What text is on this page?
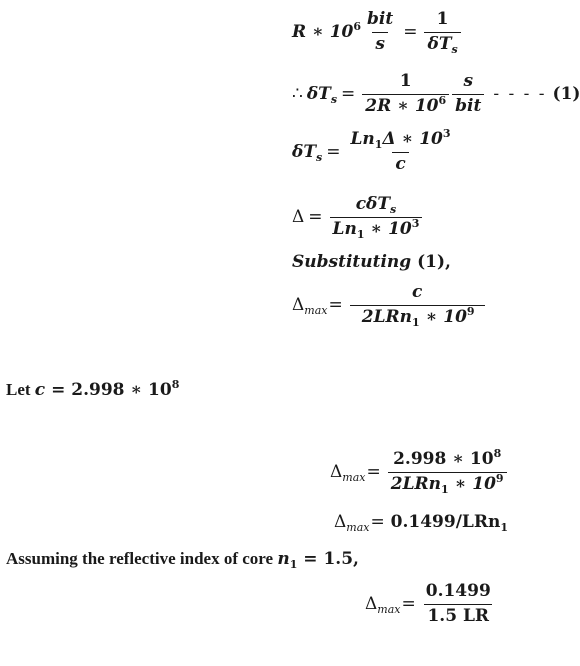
R ∗ $10^6 \frac{\text{bit}}{s} = \frac{1}{\delta T_s}$
∴ $\delta T_s = \frac{1}{2R ∗ 10^6} \frac{s}{\text{bit}}$ - - - - (1)
$\delta T_s = \frac{Ln_1\Delta ∗ 10^3}{c}$
$\Delta = \frac{c\delta T_s}{Ln_1 ∗ 10^3}$
Substituting (1),
$\Delta_{max} = \frac{c}{2LRn_1 ∗ 10^9}$
Let c = 2.998 ∗ $10^8$
$\Delta_{max} = \frac{2.998 ∗ 10^8}{2LRn_1 ∗ 10^9}$
$\Delta_{max} = 0.1499/LRn_1$
Assuming the reflective index of core $n_1 = 1.5$,
$\Delta_{max} = \frac{0.1499}{1.5 LR}$
